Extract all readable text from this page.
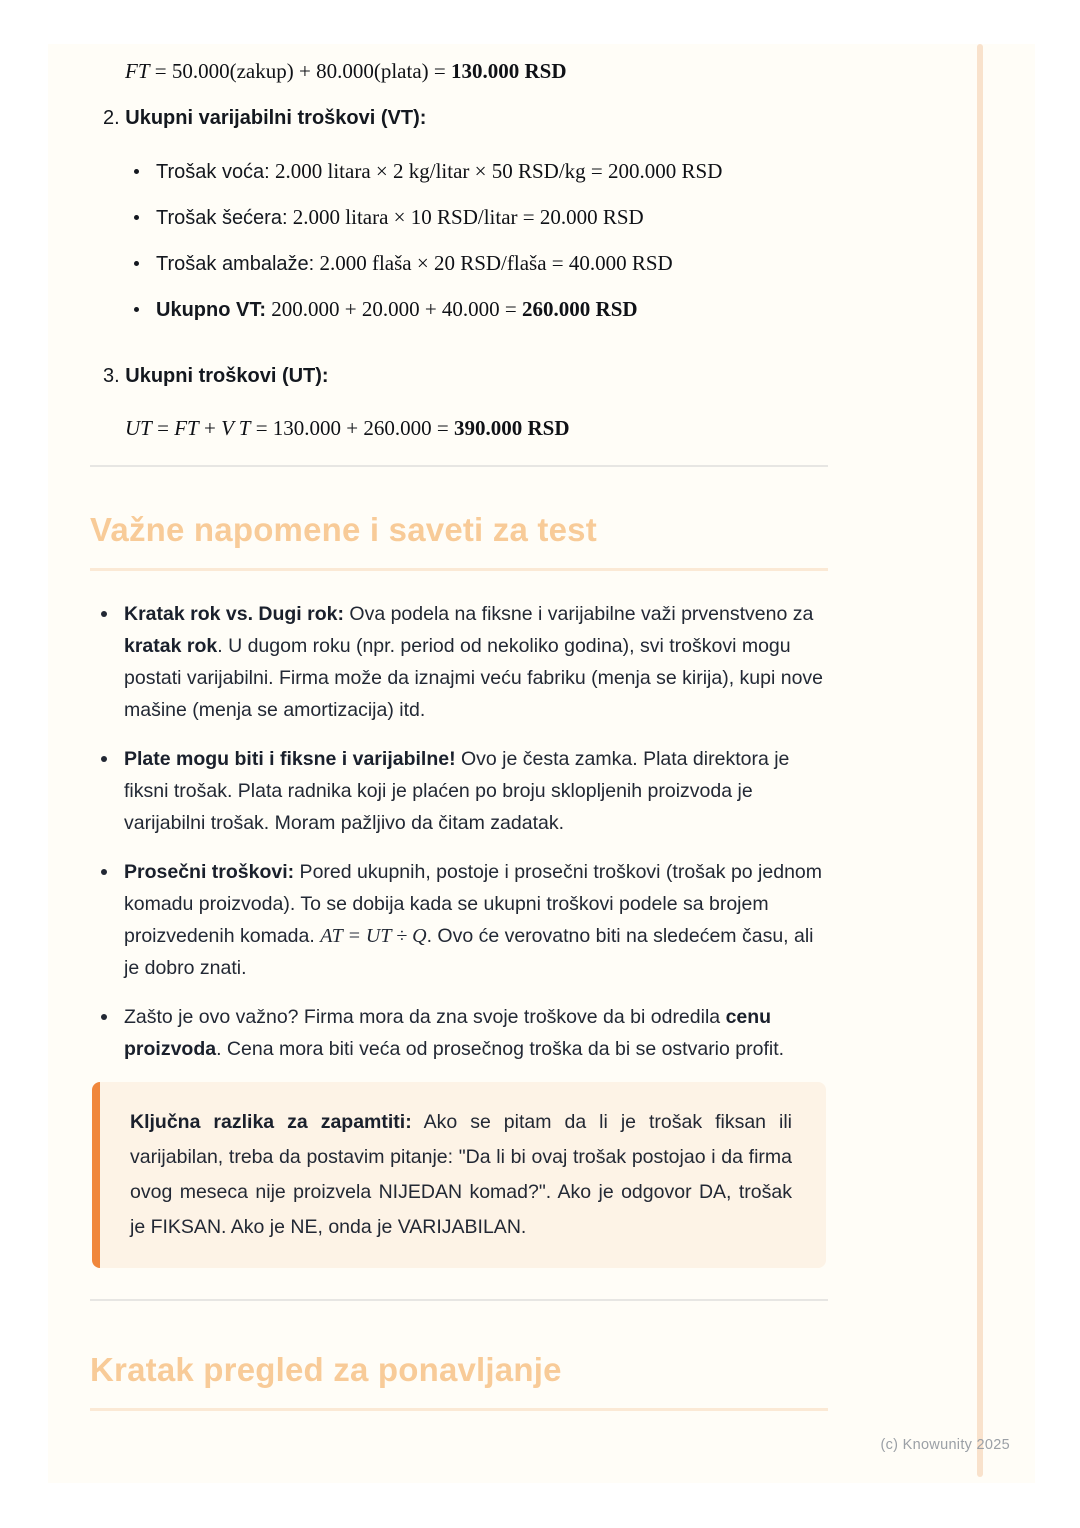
FT = 50.000(zakup) + 80.000(plata) = 130.000 RSD
2. Ukupni varijabilni troškovi (VT):
Trošak voća: 2.000 litara × 2 kg/litar × 50 RSD/kg = 200.000 RSD
Trošak šećera: 2.000 litara × 10 RSD/litar = 20.000 RSD
Trošak ambalaže: 2.000 flaša × 20 RSD/flaša = 40.000 RSD
Ukupno VT: 200.000 + 20.000 + 40.000 = 260.000 RSD
3. Ukupni troškovi (UT):
UT = FT + V T = 130.000 + 260.000 = 390.000 RSD
Važne napomene i saveti za test
Kratak rok vs. Dugi rok: Ova podela na fiksne i varijabilne važi prvenstveno za kratak rok. U dugom roku (npr. period od nekoliko godina), svi troškovi mogu postati varijabilni. Firma može da iznajmi veću fabriku (menja se kirija), kupi nove mašine (menja se amortizacija) itd.
Plate mogu biti i fiksne i varijabilne! Ovo je česta zamka. Plata direktora je fiksni trošak. Plata radnika koji je plaćen po broju sklopljenih proizvoda je varijabilni trošak. Moram pažljivo da čitam zadatak.
Prosečni troškovi: Pored ukupnih, postoje i prosečni troškovi (trošak po jednom komadu proizvoda). To se dobija kada se ukupni troškovi podele sa brojem proizvedenih komada. AT = UT ÷ Q. Ovo će verovatno biti na sledećem času, ali je dobro znati.
Zašto je ovo važno? Firma mora da zna svoje troškove da bi odredila cenu proizvoda. Cena mora biti veća od prosečnog troška da bi se ostvario profit.
Ključna razlika za zapamtiti: Ako se pitam da li je trošak fiksan ili varijabilan, treba da postavim pitanje: "Da li bi ovaj trošak postojao i da firma ovog meseca nije proizvela NIJEDAN komad?". Ako je odgovor DA, trošak je FIKSAN. Ako je NE, onda je VARIJABILAN.
Kratak pregled za ponavljanje
(c) Knowunity 2025
